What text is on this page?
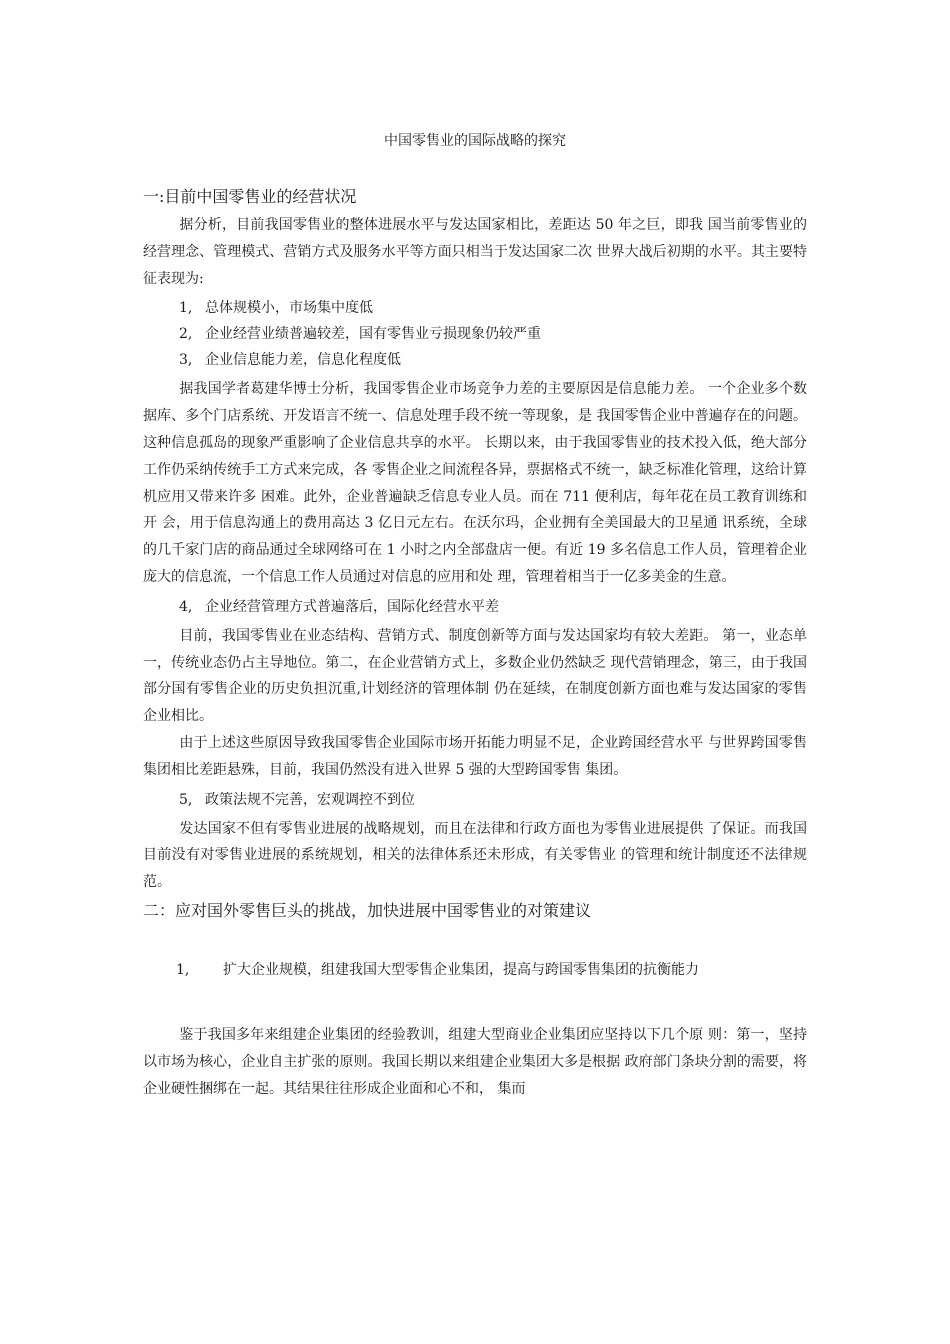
中国零售业的国际战略的探究
一:目前中国零售业的经营状况

据分析，目前我国零售业的整体进展水平与发达国家相比，差距达 50 年之巨，即我 国当前零售业的经营理念、管理模式、营销方式及服务水平等方面只相当于发达国家二次 世界大战后初期的水平。其主要特征表现为:

1, 总体规模小，市场集中度低
2, 企业经营业绩普遍较差，国有零售业亏损现象仍较严重
3, 企业信息能力差，信息化程度低

据我国学者葛建华博士分析，我国零售企业市场竞争力差的主要原因是信息能力差。 一个企业多个数据库、多个门店系统、开发语言不统一、信息处理手段不统一等现象，是 我国零售企业中普遍存在的问题。这种信息孤岛的现象严重影响了企业信息共享的水平。 长期以来，由于我国零售业的技术投入低，绝大部分工作仍采纳传统手工方式来完成，各 零售企业之间流程各异，票据格式不统一，缺乏标准化管理，这给计算机应用又带来许多 困难。此外，企业普遍缺乏信息专业人员。而在 711 便利店，每年花在员工教育训练和开 会，用于信息沟通上的费用高达 3 亿日元左右。在沃尔玛，企业拥有全美国最大的卫星通 讯系统，全球的几千家门店的商品通过全球网络可在 1 小时之内全部盘店一便。有近 19 多名信息工作人员，管理着企业庞大的信息流，一个信息工作人员通过对信息的应用和处 理，管理着相当于一亿多美金的生意。

4, 企业经营管理方式普遍落后，国际化经营水平差

目前，我国零售业在业态结构、营销方式、制度创新等方面与发达国家均有较大差距。 第一，业态单一，传统业态仍占主导地位。第二，在企业营销方式上，多数企业仍然缺乏 现代营销理念，第三，由于我国部分国有零售企业的历史负担沉重,计划经济的管理体制 仍在延续，在制度创新方面也难与发达国家的零售企业相比。

由于上述这些原因导致我国零售企业国际市场开拓能力明显不足，企业跨国经营水平 与世界跨国零售集团相比差距悬殊，目前，我国仍然没有进入世界 5 强的大型跨国零售 集团。

5, 政策法规不完善，宏观调控不到位

发达国家不但有零售业进展的战略规划，而且在法律和行政方面也为零售业进展提供 了保证。而我国目前没有对零售业进展的系统规划，相关的法律体系还未形成，有关零售业 的管理和统计制度还不法律规范。

二：应对国外零售巨头的挑战，加快进展中国零售业的对策建议
1, 扩大企业规模，组建我国大型零售企业集团，提高与跨国零售集团的抗衡能力

鉴于我国多年来组建企业集团的经验教训，组建大型商业企业集团应坚持以下几个原 则：第一，坚持以市场为核心，企业自主扩张的原则。我国长期以来组建企业集团大多是根据 政府部门条块分割的需要，将企业硬性捆绑在一起。其结果往往形成企业面和心不和， 集而
